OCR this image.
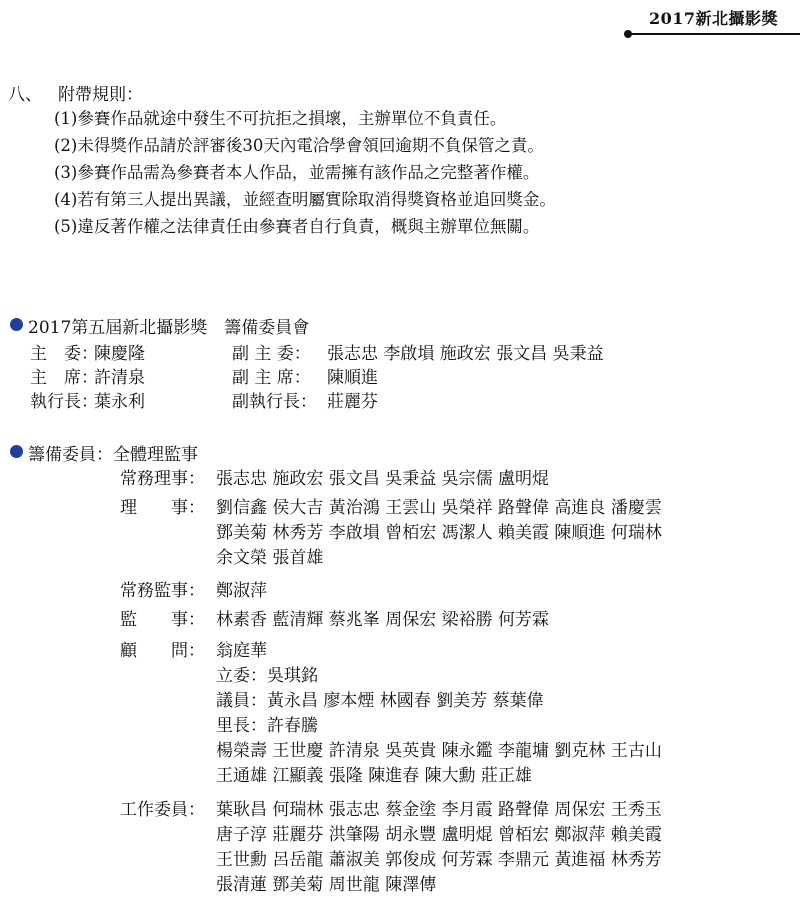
2017新北攝影獎
八、 附帶規則：
(1)參賽作品就途中發生不可抗拒之損壞，主辦單位不負責任。
(2)未得獎作品請於評審後30天內電洽學會領回逾期不負保管之責。
(3)參賽作品需為參賽者本人作品，並需擁有該作品之完整著作權。
(4)若有第三人提出異議，並經查明屬實除取消得獎資格並追回獎金。
(5)違反著作權之法律責任由參賽者自行負責，概與主辦單位無關。
2017第五屆新北攝影獎　籌備委員會
主　委：陳慶隆
主　席：許清泉
執行長：葉永利
副 主 委： 張志忠 李啟塤 施政宏 張文昌 吳秉益
副 主 席： 陳順進
副執行長： 莊麗芬
籌備委員：全體理監事
常務理事： 張志忠 施政宏 張文昌 吳秉益 吳宗儒 盧明焜
理　　事： 劉信鑫 侯大吉 黃治鴻 王雲山 吳榮祥 路聲偉 高進良 潘慶雲
鄧美菊 林秀芳 李啟塤 曾栢宏 馮潔人 賴美霞 陳順進 何瑞林
余文榮 張首雄
常務監事： 鄭淑萍
監　　事： 林素香 藍清輝 蔡兆峯 周保宏 梁裕勝 何芳霖
顧　　問： 翁庭華
立委：吳琪銘
議員：黃永昌 廖本煙 林國春 劉美芳 蔡葉偉
里長：許春騰
楊榮壽 王世慶 許清泉 吳英貴 陳永鑑 李龍墉 劉克林 王古山
王通雄 江顯義 張隆 陳進春 陳大勳 莊正雄
工作委員： 葉耿昌 何瑞林 張志忠 蔡金塗 李月霞 路聲偉 周保宏 王秀玉
唐子淳 莊麗芬 洪肇陽 胡永豐 盧明焜 曾栢宏 鄭淑萍 賴美霞
王世勳 呂岳龍 蕭淑美 郭俊成 何芳霖 李鼎元 黃進福 林秀芳
張清蓮 鄧美菊 周世龍 陳澤傳
